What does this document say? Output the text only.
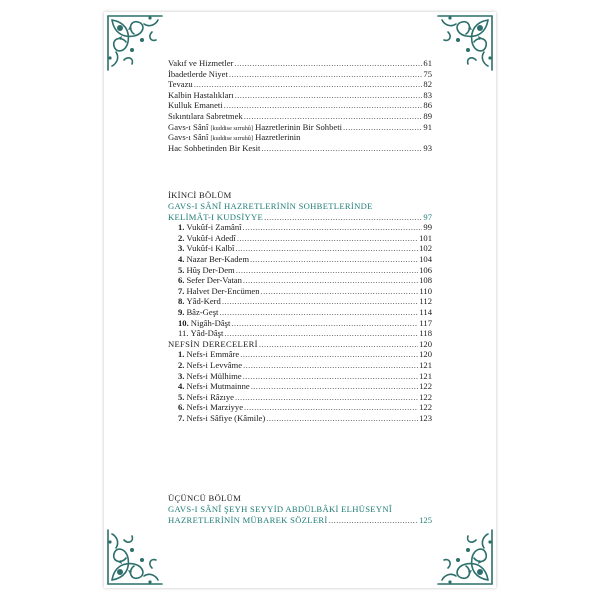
Vakıf ve Hizmetler .....	61
İbadetlerde Niyet .....	75
Tevazu .....	82
Kalbin Hastalıkları .....	83
Kulluk Emaneti .....	86
Sıkıntılara Sabretmek .....	89
Gavs-ı Sânî [kuddise sırruhû] Hazretlerinin Bir Sohbeti .....	91
Gavs-ı Sânî [kuddise sırruhû] Hazretlerinin
Hac Sohbetinden Bir Kesit .....	93
İKİNCİ BÖLÜM
GAVS-I SÂNÎ HAZRETLERİNİN SOHBETLERİNDE
KELİMÂT-I KUDSİYYE .....	97
1. Vukûf-i Zamânî .....	99
2. Vukûf-i Adedî .....	101
3. Vukûf-i Kalbî .....	102
4. Nazar Ber-Kadem .....	104
5. Hûş Der-Dem .....	106
6. Sefer Der-Vatan .....	108
7. Halvet Der-Encümen .....	110
8. Yâd-Kerd .....	112
9. Bâz-Geşt .....	114
10. Nigâh-Dâşt .....	117
11. Yâd-Dâşt .....	118
NEFSİN DERECELERİ .....	120
1. Nefs-i Emmâre .....	120
2. Nefs-i Levvâme .....	121
3. Nefs-i Mülhime .....	121
4. Nefs-i Mutmainne .....	122
5. Nefs-i Râzıye .....	122
6. Nefs-i Marziyye .....	122
7. Nefs-i Sâfiye (Kâmile) .....	123
ÜÇÜNCÜ BÖLÜM
GAVS-I SÂNÎ ŞEYH SEYYİD ABDÜLBÂKİ ELHÜSEYNÎ
HAZRETLERİNİN MÜBAREK SÖZLERİ .....	125
